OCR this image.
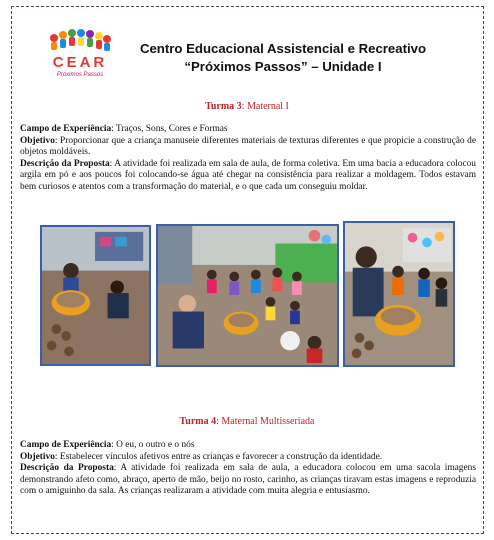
CEAR
Próximos Passos
Centro Educacional Assistencial e Recreativo
“Próximos Passos” – Unidade I
Turma 3: Maternal I

Campo de Experiência: Traços, Sons, Cores e Formas

Objetivo: Proporcionar que a criança manuseie diferentes materiais de texturas diferentes e que propicie a construção de objetos moldáveis.

Descrição da Proposta: A atividade foi realizada em sala de aula, de forma coletiva. Em uma bacia a educadora colocou argila em pó e aos poucos foi colocando-se água até chegar na consistência para realizar a moldagem. Todos estavam bem curiosos e atentos com a transformação do material, e o que cada um conseguiu moldar.

Turma 4: Maternal Multisseriada

Campo de Experiência: O eu, o outro e o nós

Objetivo: Estabelecer vínculos afetivos entre as crianças e favorecer a construção da identidade.

Descrição da Proposta: A atividade foi realizada em sala de aula, a educadora colocou em uma sacola imagens demonstrando afeto como, abraço, aperto de mão, beijo no rosto, carinho, as crianças tiravam estas imagens e reproduzia com o amiguinho da sala. As crianças realizaram a atividade com muita alegria e entusiasmo.
